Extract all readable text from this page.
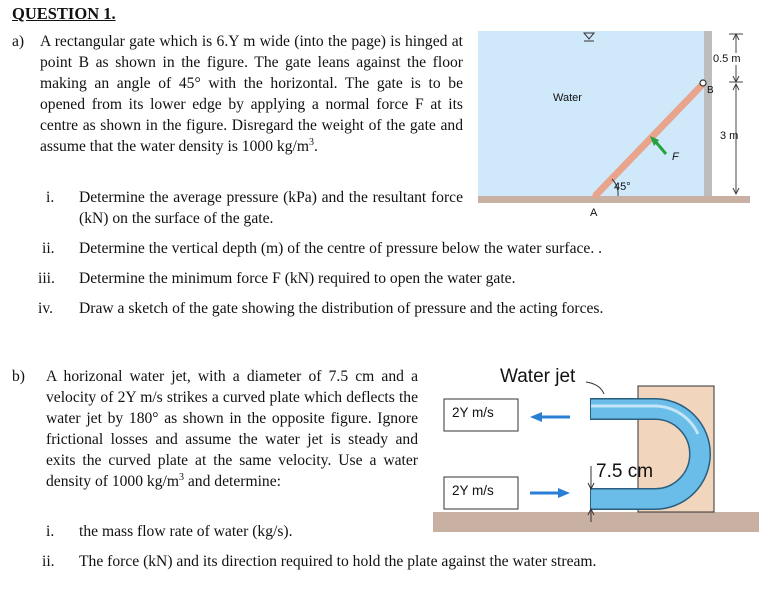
QUESTION 1.
a) A rectangular gate which is 6.Y m wide (into the page) is hinged at point B as shown in the figure. The gate leans against the floor making an angle of 45° with the horizontal. The gate is to be opened from its lower edge by applying a normal force F at its centre as shown in the figure. Disregard the weight of the gate and assume that the water density is 1000 $kg/m^3$.
i. Determine the average pressure (kPa) and the resultant force (kN) on the surface of the gate.
ii. Determine the vertical depth (m) of the centre of pressure below the water surface. .
iii. Determine the minimum force F (kN) required to open the water gate.
iv. Draw a sketch of the gate showing the distribution of pressure and the acting forces.
Water
0.5 m
3 m
B
A
F
45°
b) A horizonal water jet, with a diameter of 7.5 cm and a velocity of 2Y m/s strikes a curved plate which deflects the water jet by 180° as shown in the opposite figure. Ignore frictional losses and assume the water jet is steady and exits the curved plate at the same velocity. Use a water density of 1000 $kg/m^3$ and determine:
i. the mass flow rate of water (kg/s).
ii. The force (kN) and its direction required to hold the plate against the water stream.
Water jet
2Y m/s
2Y m/s
7.5 cm
